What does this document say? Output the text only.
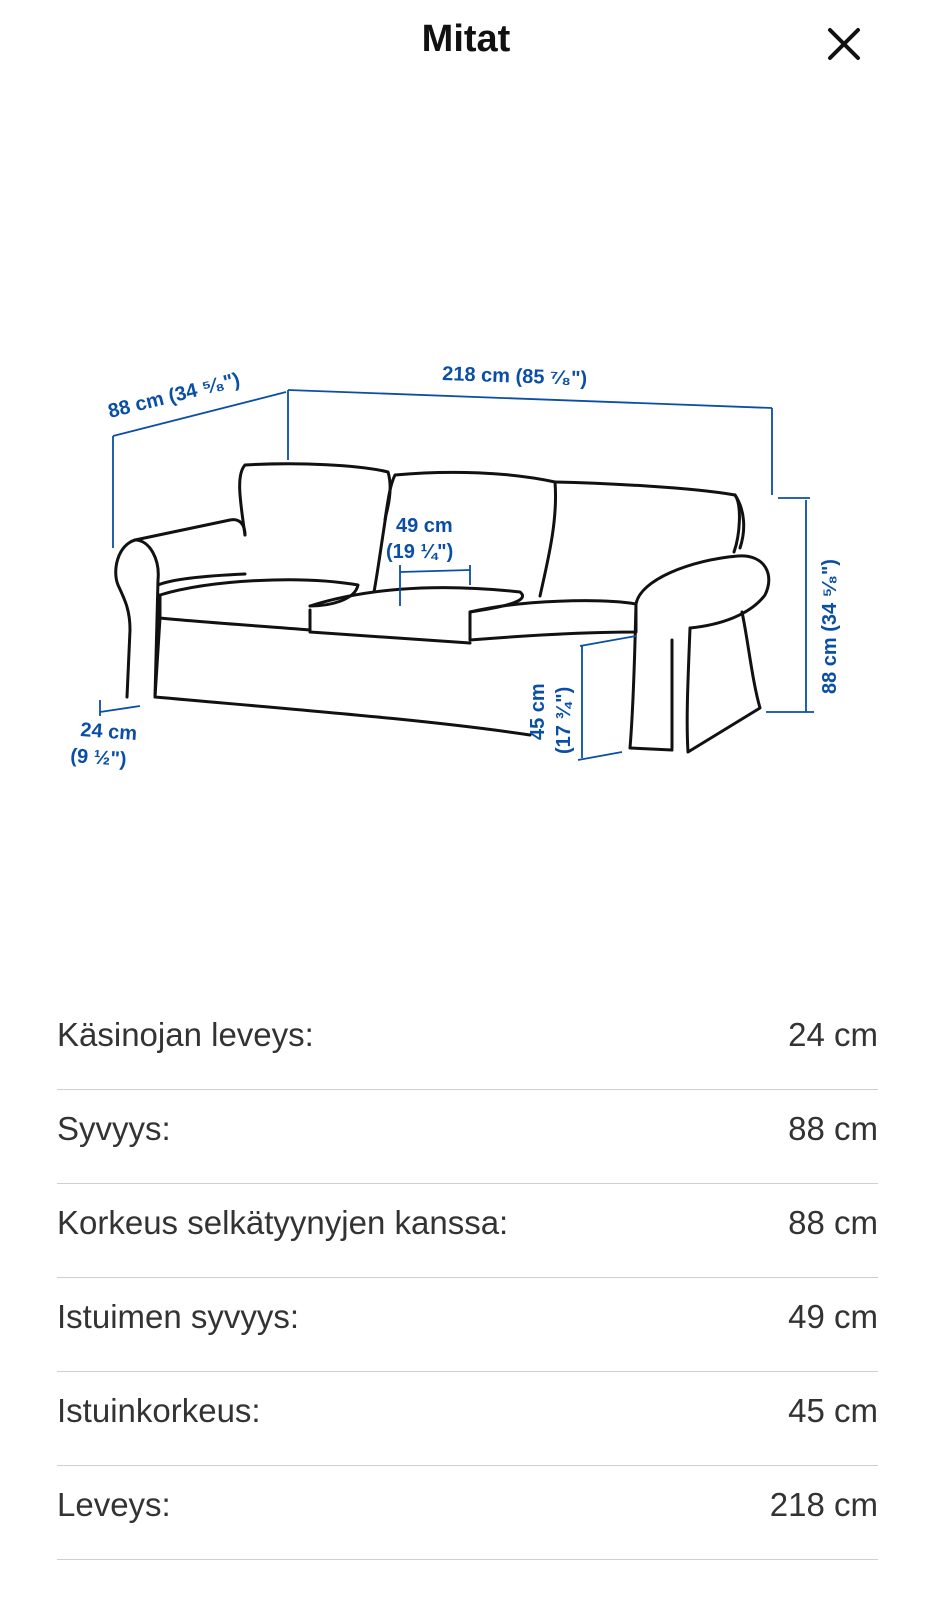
Mitat
88 cm (34 ⁵⁄₈")	218 cm (85 ⁷⁄₈")
88 cm (34 ⁵⁄₈")
49 cm
(19 ¼")
45 cm (17 ¾")
24 cm
(9 ½")
Käsinojan leveys:	24 cm
Syvyys:	88 cm
Korkeus selkätyynyjen kanssa:	88 cm
Istuimen syvyys:	49 cm
Istuinkorkeus:	45 cm
Leveys:	218 cm
